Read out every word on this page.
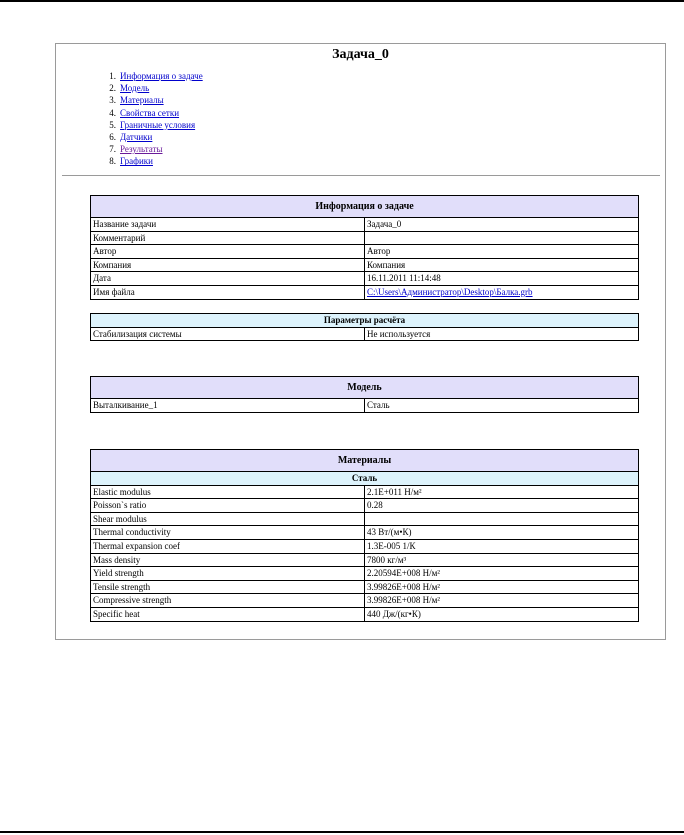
Задача_0
1. Информация о задаче
2. Модель
3. Материалы
4. Свойства сетки
5. Граничные условия
6. Датчики
7. Результаты
8. Графики
Информация о задаче	
Название задачи	Задача_0
Комментарий	
Автор	Автор
Компания	Компания
Дата	16.11.2011 11:14:48
Имя файла	C:\Users\Администратор\Desktop\Балка.grb
Параметры расчёта
Стабилизация системы	Не используется
Модель
Выталкивание_1	Сталь
Материалы	
Сталь	
Elastic modulus	2.1E+011 Н/м²
Poisson`s ratio	0.28
Shear modulus	
Thermal conductivity	43 Вт/(м•К)
Thermal expansion coef	1.3E-005 1/К
Mass density	7800 кг/м³
Yield strength	2.20594E+008 Н/м²
Tensile strength	3.99826E+008 Н/м²
Compressive strength	3.99826E+008 Н/м²
Specific heat	440 Дж/(кг•К)
